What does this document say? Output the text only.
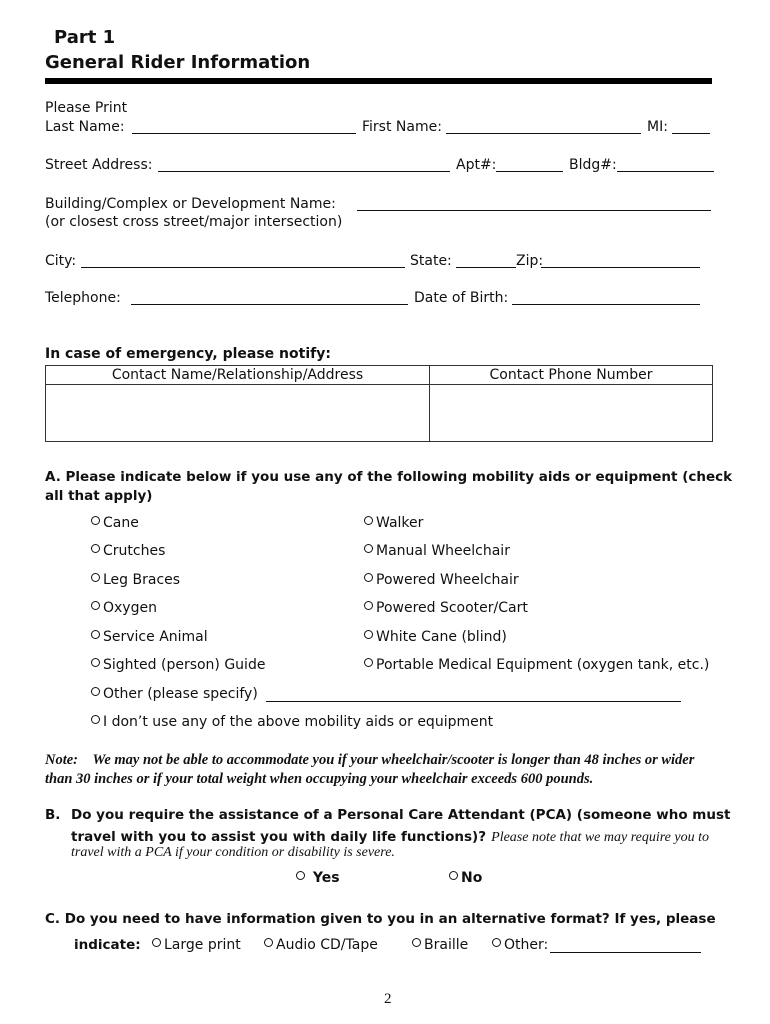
Part 1
General Rider Information
Please Print
Last Name:	First Name:	MI:
Street Address:	Apt#:	Bldg#:
Building/Complex or Development Name:
(or closest cross street/major intersection)
City:	State:	Zip:
Telephone:	Date of Birth:
In case of emergency, please notify:
Contact Name/Relationship/Address	Contact Phone Number

A. Please indicate below if you use any of the following mobility aids or equipment (check
all that apply)
Cane
Crutches
Leg Braces
Oxygen
Service Animal
Sighted (person) Guide
Walker
Manual Wheelchair
Powered Wheelchair
Powered Scooter/Cart
White Cane (blind)
Portable Medical Equipment (oxygen tank, etc.)
Other (please specify)
I don’t use any of the above mobility aids or equipment
Note: We may not be able to accommodate you if your wheelchair/scooter is longer than 48 inches or wider
than 30 inches or if your total weight when occupying your wheelchair exceeds 600 pounds.
B. Do you require the assistance of a Personal Care Attendant (PCA) (someone who must
travel with you to assist you with daily life functions)? Please note that we may require you to
travel with a PCA if your condition or disability is severe.
Yes	No
C. Do you need to have information given to you in an alternative format? If yes, please
indicate:	Large print	Audio CD/Tape	Braille	Other:
2
